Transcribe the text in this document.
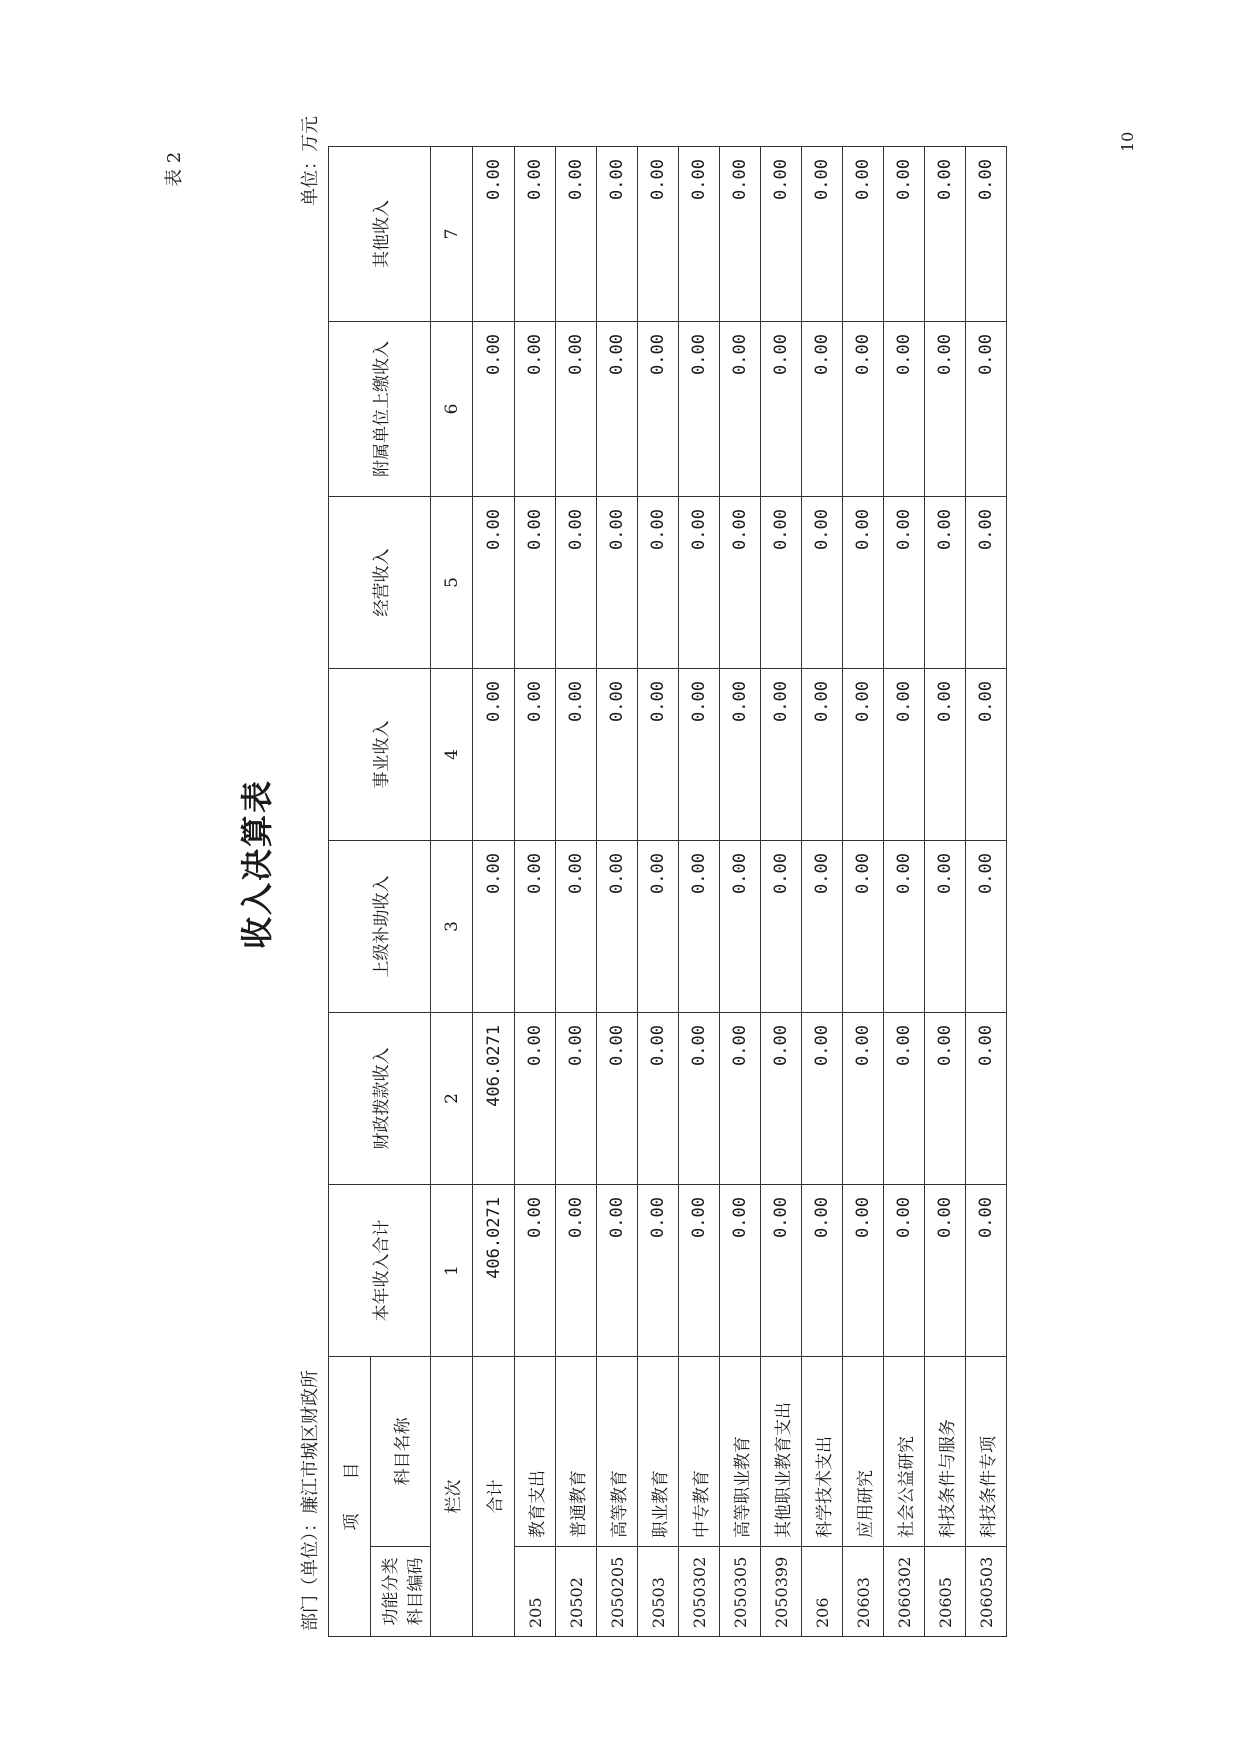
表 2
收入决算表
部门（单位）：廉江市城区财政所
单位：万元	10
项　　目		本年收入合计	财政拨款收入	上级补助收入	事业收入	经营收入	附属单位上缴收入	其他收入
功能分类科目编码	科目名称							
栏次		1	2	3	4	5	6	7
合计		406.0271	406.0271	0.00	0.00	0.00	0.00	0.00
205	教育支出	0.00	0.00	0.00	0.00	0.00	0.00	0.00
20502	普通教育	0.00	0.00	0.00	0.00	0.00	0.00	0.00
2050205	高等教育	0.00	0.00	0.00	0.00	0.00	0.00	0.00
20503	职业教育	0.00	0.00	0.00	0.00	0.00	0.00	0.00
2050302	中专教育	0.00	0.00	0.00	0.00	0.00	0.00	0.00
2050305	高等职业教育	0.00	0.00	0.00	0.00	0.00	0.00	0.00
2050399	其他职业教育支出	0.00	0.00	0.00	0.00	0.00	0.00	0.00
206	科学技术支出	0.00	0.00	0.00	0.00	0.00	0.00	0.00
20603	应用研究	0.00	0.00	0.00	0.00	0.00	0.00	0.00
2060302	社会公益研究	0.00	0.00	0.00	0.00	0.00	0.00	0.00
20605	科技条件与服务	0.00	0.00	0.00	0.00	0.00	0.00	0.00
2060503	科技条件专项	0.00	0.00	0.00	0.00	0.00	0.00	0.00
